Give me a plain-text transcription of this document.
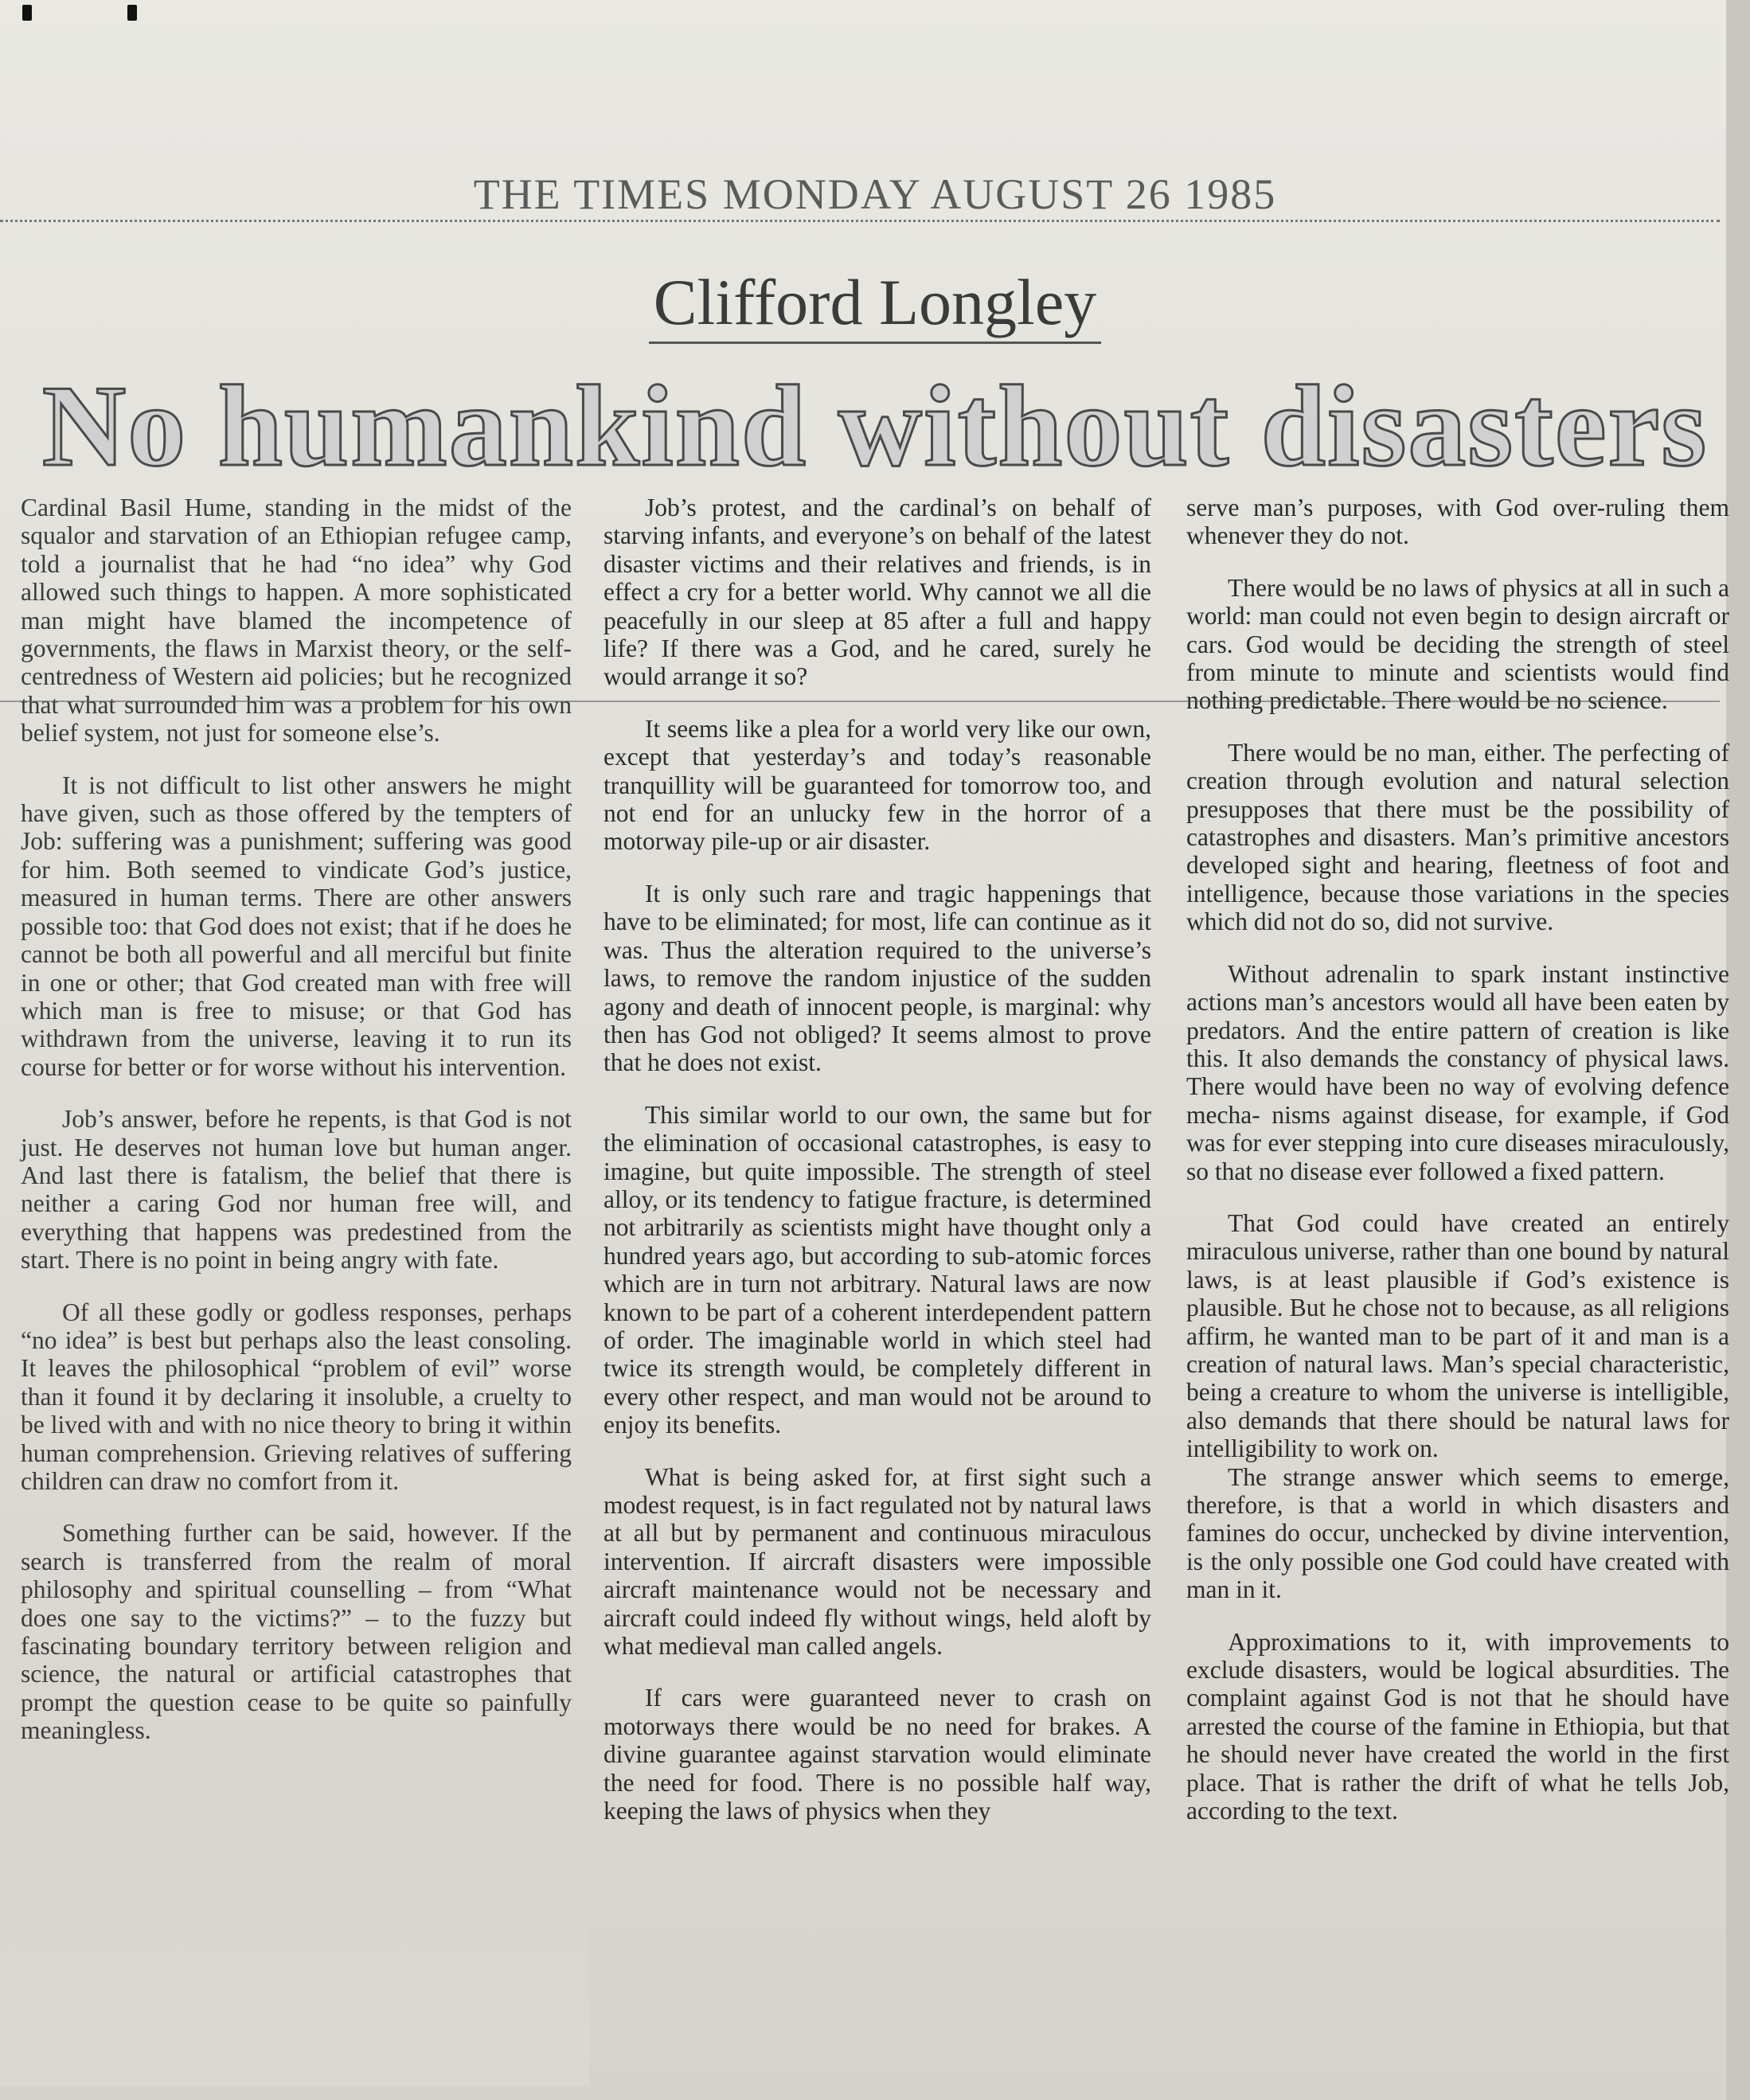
THE TIMES MONDAY AUGUST 26 1985
Clifford Longley
No humankind without disasters

Cardinal Basil Hume, standing in the midst of the squalor and starvation of an Ethiopian refugee camp, told a journalist that he had “no idea” why God allowed such things to happen. A more sophisticated man might have blamed the incompetence of governments, the flaws in Marxist theory, or the self-centredness of Western aid policies; but he recognized that what surrounded him was a problem for his own belief system, not just for someone else’s.

It is not difficult to list other answers he might have given, such as those offered by the tempters of Job: suffering was a punishment; suffering was good for him. Both seemed to vindicate God’s justice, measured in human terms. There are other answers possible too: that God does not exist; that if he does he cannot be both all powerful and all merciful but finite in one or other; that God created man with free will which man is free to misuse; or that God has withdrawn from the universe, leaving it to run its course for better or for worse without his intervention.

Job’s answer, before he repents, is that God is not just. He deserves not human love but human anger. And last there is fatalism, the belief that there is neither a caring God nor human free will, and everything that happens was predestined from the start. There is no point in being angry with fate.

Of all these godly or godless responses, perhaps “no idea” is best but perhaps also the least consoling. It leaves the philosophical “problem of evil” worse than it found it by declaring it insoluble, a cruelty to be lived with and with no nice theory to bring it within human comprehension. Grieving relatives of suffering children can draw no comfort from it.

Something further can be said, however. If the search is transferred from the realm of moral philosophy and spiritual counselling – from “What does one say to the victims?” – to the fuzzy but fascinating boundary territory between religion and science, the natural or artificial catastrophes that prompt the question cease to be quite so painfully meaningless.

Job’s protest, and the cardinal’s on behalf of starving infants, and everyone’s on behalf of the latest disaster victims and their relatives and friends, is in effect a cry for a better world. Why cannot we all die peacefully in our sleep at 85 after a full and happy life? If there was a God, and he cared, surely he would arrange it so?

It seems like a plea for a world very like our own, except that yesterday’s and today’s reasonable tranquillity will be guaranteed for tomorrow too, and not end for an unlucky few in the horror of a motorway pile-up or air disaster.

It is only such rare and tragic happenings that have to be eliminated; for most, life can continue as it was. Thus the alteration required to the universe’s laws, to remove the random injustice of the sudden agony and death of innocent people, is marginal: why then has God not obliged? It seems almost to prove that he does not exist.

This similar world to our own, the same but for the elimination of occasional catastrophes, is easy to imagine, but quite impossible. The strength of steel alloy, or its tendency to fatigue fracture, is determined not arbitrarily as scientists might have thought only a hundred years ago, but according to sub-atomic forces which are in turn not arbitrary. Natural laws are now known to be part of a coherent interdependent pattern of order. The imaginable world in which steel had twice its strength would, be completely different in every other respect, and man would not be around to enjoy its benefits.

What is being asked for, at first sight such a modest request, is in fact regulated not by natural laws at all but by permanent and continuous miraculous intervention. If aircraft disasters were impossible aircraft maintenance would not be necessary and aircraft could indeed fly without wings, held aloft by what medieval man called angels.

If cars were guaranteed never to crash on motorways there would be no need for brakes. A divine guarantee against starvation would eliminate the need for food. There is no possible half way, keeping the laws of physics when they

serve man’s purposes, with God over-ruling them whenever they do not.

There would be no laws of physics at all in such a world: man could not even begin to design aircraft or cars. God would be deciding the strength of steel from minute to minute and scientists would find nothing predictable. There would be no science.

There would be no man, either. The perfecting of creation through evolution and natural selection presupposes that there must be the possibility of catastrophes and disasters. Man’s primitive ancestors developed sight and hearing, fleetness of foot and intelligence, because those variations in the species which did not do so, did not survive.

Without adrenalin to spark instant instinctive actions man’s ancestors would all have been eaten by predators. And the entire pattern of creation is like this. It also demands the constancy of physical laws. There would have been no way of evolving defence mecha- nisms against disease, for example, if God was for ever stepping into cure diseases miraculously, so that no disease ever followed a fixed pattern.

That God could have created an entirely miraculous universe, rather than one bound by natural laws, is at least plausible if God’s existence is plausible. But he chose not to because, as all religions affirm, he wanted man to be part of it and man is a creation of natural laws. Man’s special characteristic, being a creature to whom the universe is intelligible, also demands that there should be natural laws for intelligibility to work on.

The strange answer which seems to emerge, therefore, is that a world in which disasters and famines do occur, unchecked by divine intervention, is the only possible one God could have created with man in it.

Approximations to it, with improvements to exclude disasters, would be logical absurdities. The complaint against God is not that he should have arrested the course of the famine in Ethiopia, but that he should never have created the world in the first place. That is rather the drift of what he tells Job, according to the text.
